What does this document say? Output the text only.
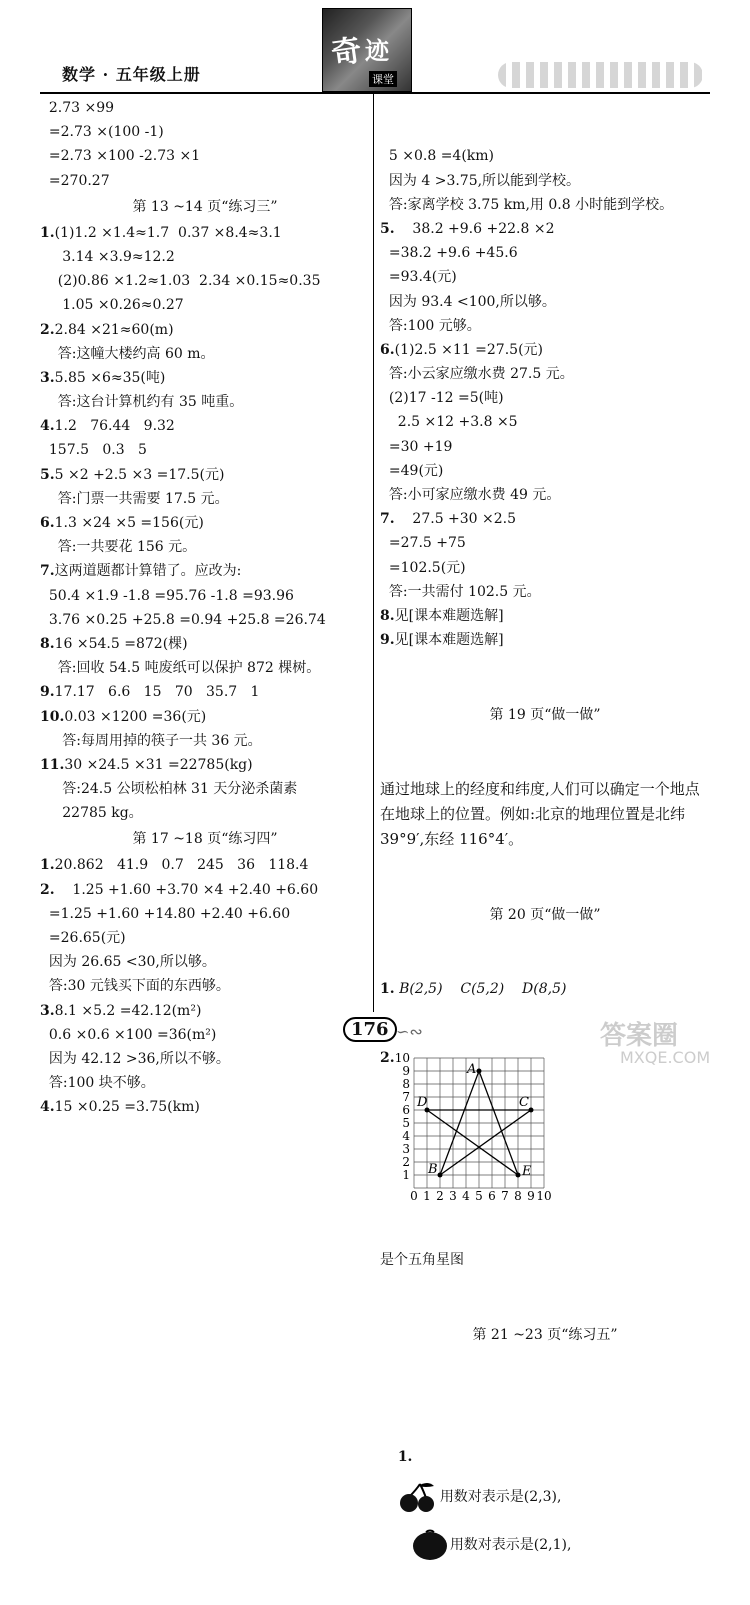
数学 · 五年级上册
奇 迹
课堂
2.73 ×99
=2.73 ×(100 -1)
=2.73 ×100 -2.73 ×1
=270.27
第 13 ~14 页“练习三”
1.(1)1.2 ×1.4≈1.7  0.37 ×8.4≈3.1
3.14 ×3.9≈12.2
(2)0.86 ×1.2≈1.03  2.34 ×0.15≈0.35
1.05 ×0.26≈0.27
2.2.84 ×21≈60(m)
答:这幢大楼约高 60 m。
3.5.85 ×6≈35(吨)
答:这台计算机约有 35 吨重。
4.1.2   76.44   9.32
157.5   0.3   5
5.5 ×2 +2.5 ×3 =17.5(元)
答:门票一共需要 17.5 元。
6.1.3 ×24 ×5 =156(元)
答:一共要花 156 元。
7.这两道题都计算错了。应改为:
50.4 ×1.9 -1.8 =95.76 -1.8 =93.96
3.76 ×0.25 +25.8 =0.94 +25.8 =26.74
8.16 ×54.5 =872(棵)
答:回收 54.5 吨废纸可以保护 872 棵树。
9.17.17   6.6   15   70   35.7   1
10.0.03 ×1200 =36(元)
答:每周用掉的筷子一共 36 元。
11.30 ×24.5 ×31 =22785(kg)
答:24.5 公顷松柏林 31 天分泌杀菌素
22785 kg。
第 17 ~18 页“练习四”
1.20.862   41.9   0.7   245   36   118.4
2.    1.25 +1.60 +3.70 ×4 +2.40 +6.60
=1.25 +1.60 +14.80 +2.40 +6.60
=26.65(元)
因为 26.65 <30,所以够。
答:30 元钱买下面的东西够。
3.8.1 ×5.2 =42.12(m²)
0.6 ×0.6 ×100 =36(m²)
因为 42.12 >36,所以不够。
答:100 块不够。
4.15 ×0.25 =3.75(km)

5 ×0.8 =4(km)
因为 4 >3.75,所以能到学校。
答:家离学校 3.75 km,用 0.8 小时能到学校。
5.    38.2 +9.6 +22.8 ×2
=38.2 +9.6 +45.6
=93.4(元)
因为 93.4 <100,所以够。
答:100 元够。
6.(1)2.5 ×11 =27.5(元)
答:小云家应缴水费 27.5 元。
(2)17 -12 =5(吨)
2.5 ×12 +3.8 ×5
=30 +19
=49(元)
答:小可家应缴水费 49 元。
7.    27.5 +30 ×2.5
=27.5 +75
=102.5(元)
答:一共需付 102.5 元。
8.见[课本难题选解]
9.见[课本难题选解]

第 19 页“做一做”

通过地球上的经度和纬度,人们可以确定一个地点在地球上的位置。例如:北京的地理位置是北纬 39°9′,东经 116°4′。

第 20 页“做一做”

1. B(2,5)    C(5,2)    D(8,5)

2.

0 1 2 3 4 5 6 7 8 9 10
1
2
3
4
5
6
7
8
9
10
A
B
C
D
E

是个五角星图

第 21 ~23 页“练习五”

1.
用数对表示是(2,3),

用数对表示是(2,1),

176 ∽∾	答案圈
MXQE.COM
